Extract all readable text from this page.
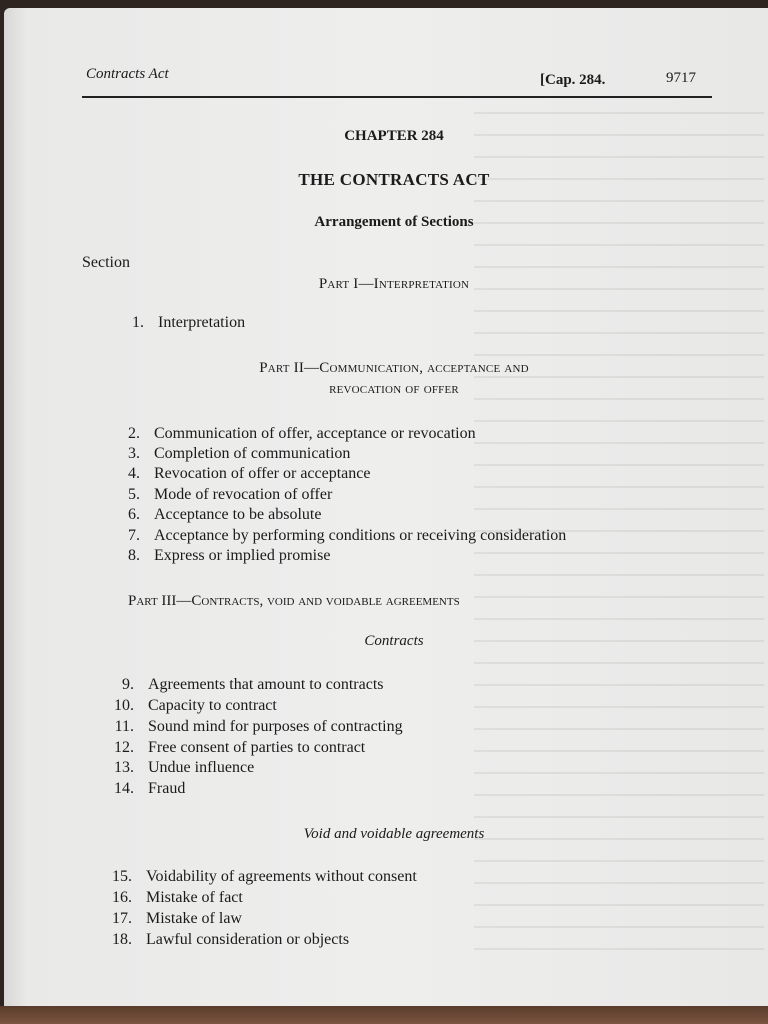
Contracts Act	[Cap. 284.	9717
CHAPTER 284
THE CONTRACTS ACT
Arrangement of Sections
Section
Part I—Interpretation
1. Interpretation
Part II—Communication, acceptance and
revocation of offer
2. Communication of offer, acceptance or revocation
3. Completion of communication
4. Revocation of offer or acceptance
5. Mode of revocation of offer
6. Acceptance to be absolute
7. Acceptance by performing conditions or receiving consideration
8. Express or implied promise
Part III—Contracts, void and voidable agreements
Contracts
9. Agreements that amount to contracts
10. Capacity to contract
11. Sound mind for purposes of contracting
12. Free consent of parties to contract
13. Undue influence
14. Fraud
Void and voidable agreements
15. Voidability of agreements without consent
16. Mistake of fact
17. Mistake of law
18. Lawful consideration or objects
